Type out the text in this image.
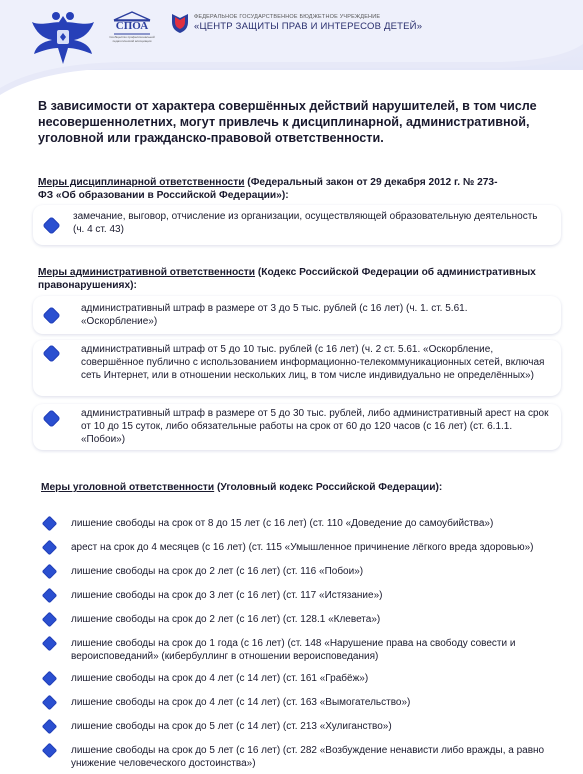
СПОА
Сообщество профессиональной педагогической ассоциации
ФЕДЕРАЛЬНОЕ ГОСУДАРСТВЕННОЕ БЮДЖЕТНОЕ УЧРЕЖДЕНИЕ
«ЦЕНТР ЗАЩИТЫ ПРАВ И ИНТЕРЕСОВ ДЕТЕЙ»
В зависимости от характера совершённых действий нарушителей, в том числе несовершеннолетних, могут привлечь к дисциплинарной, административной, уголовной или гражданско-правовой ответственности.
Меры дисциплинарной ответственности (Федеральный закон от 29 декабря 2012 г. № 273-ФЗ «Об образовании в Российской Федерации»):
замечание, выговор, отчисление из организации, осуществляющей образовательную деятельность (ч. 4 ст. 43)
Меры административной ответственности (Кодекс Российской Федерации об административных правонарушениях):
административный штраф в размере от 3 до 5 тыс. рублей (с 16 лет) (ч. 1. ст. 5.61. «Оскорбление»)
административный штраф от 5 до 10 тыс. рублей (с 16 лет) (ч. 2 ст. 5.61. «Оскорбление, совершённое публично с использованием информационно-телекоммуникационных сетей, включая сеть Интернет, или в отношении нескольких лиц, в том числе индивидуально не определённых»)
административный штраф в размере от 5 до 30 тыс. рублей, либо административный арест на срок от 10 до 15 суток, либо обязательные работы на срок от 60 до 120 часов (с 16 лет) (ст. 6.1.1. «Побои»)
Меры уголовной ответственности (Уголовный кодекс Российской Федерации):
лишение свободы на срок от 8 до 15 лет (с 16 лет) (ст. 110 «Доведение до самоубийства»)
арест на срок до 4 месяцев (с 16 лет) (ст. 115 «Умышленное причинение лёгкого вреда здоровью»)
лишение свободы на срок до 2 лет (с 16 лет) (ст. 116 «Побои»)
лишение свободы на срок до 3 лет (с 16 лет) (ст. 117 «Истязание»)
лишение свободы на срок до 2 лет (с 16 лет) (ст. 128.1 «Клевета»)
лишение свободы на срок до 1 года (с 16 лет) (ст. 148 «Нарушение права на свободу совести и вероисповеданий» (кибербуллинг в отношении вероисповедания)
лишение свободы на срок до 4 лет (с 14 лет) (ст. 161 «Грабёж»)
лишение свободы на срок до 4 лет (с 14 лет) (ст. 163 «Вымогательство»)
лишение свободы на срок до 5 лет (с 14 лет) (ст. 213 «Хулиганство»)
лишение свободы на срок до 5 лет (с 16 лет) (ст. 282 «Возбуждение ненависти либо вражды, а равно унижение человеческого достоинства»)
